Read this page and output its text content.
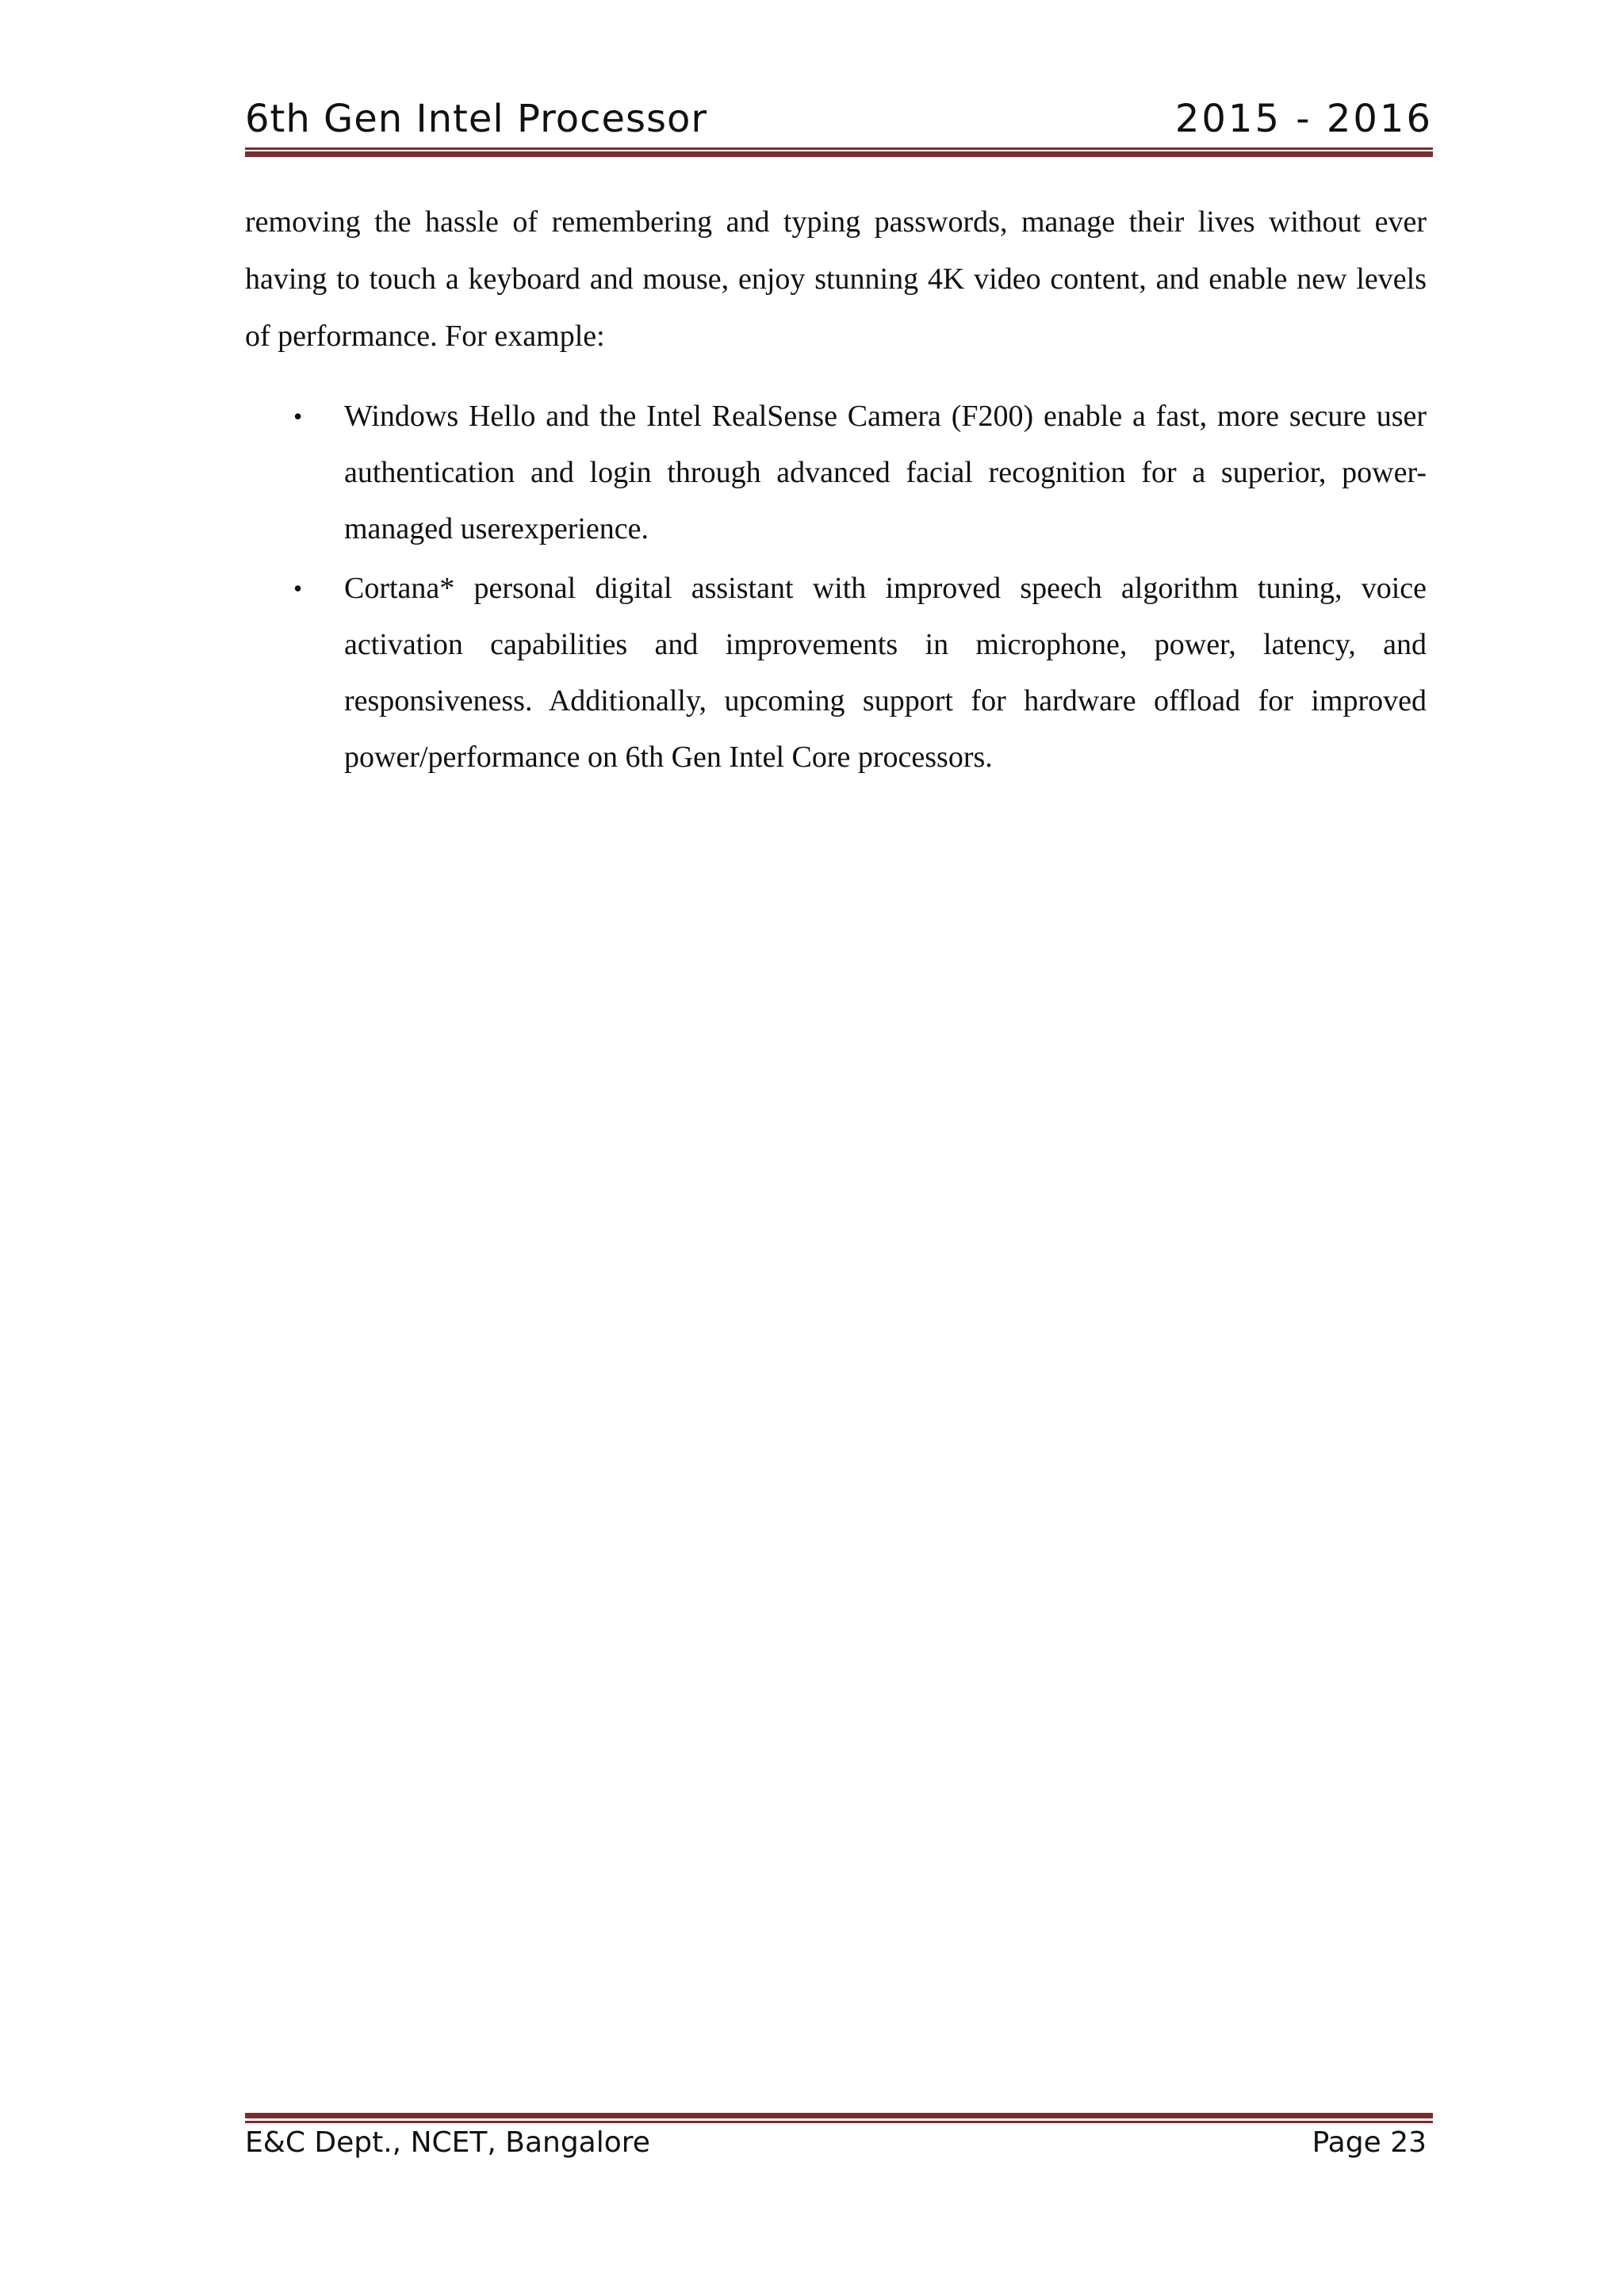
6th Gen Intel Processor	2015 - 2016
removing the hassle of remembering and typing passwords, manage their lives without ever having to touch a keyboard and mouse, enjoy stunning 4K video content, and enable new levels of performance. For example:
• Windows Hello and the Intel RealSense Camera (F200) enable a fast, more secure user authentication and login through advanced facial recognition for a superior, power-managed userexperience.
• Cortana* personal digital assistant with improved speech algorithm tuning, voice activation capabilities and improvements in microphone, power, latency, and responsiveness. Additionally, upcoming support for hardware offload for improved power/performance on 6th Gen Intel Core processors.
E&C Dept., NCET, Bangalore	Page 23
